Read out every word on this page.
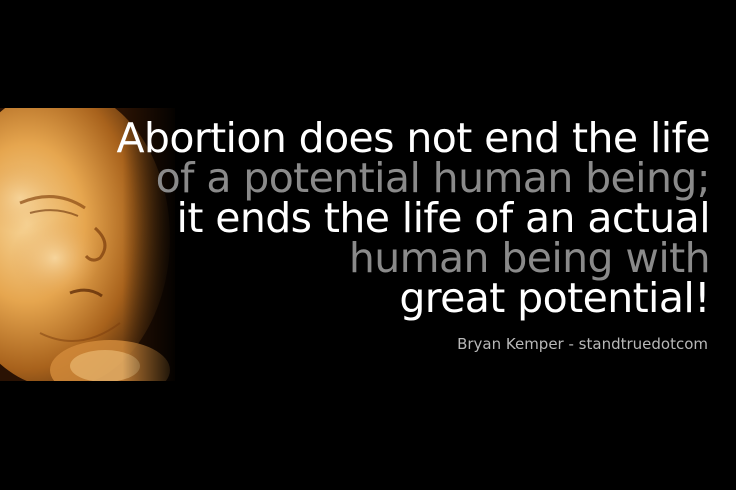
Abortion does not end the life
of a potential human being;
it ends the life of an actual
human being with
great potential!
Bryan Kemper - standtruedotcom
